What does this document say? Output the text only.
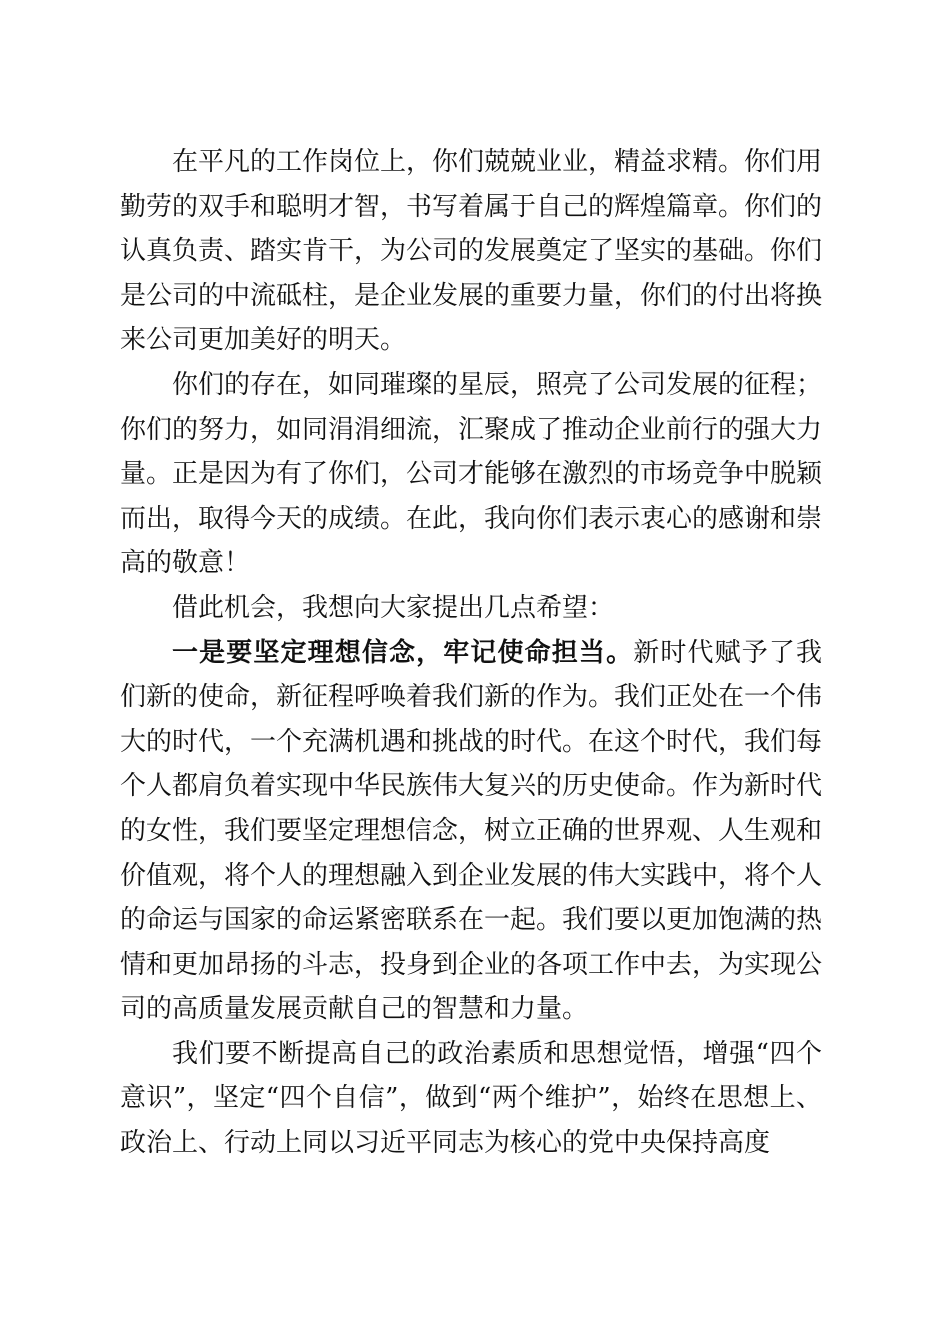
在平凡的工作岗位上，你们兢兢业业，精益求精。你们用勤劳的双手和聪明才智，书写着属于自己的辉煌篇章。你们的认真负责、踏实肯干，为公司的发展奠定了坚实的基础。你们是公司的中流砥柱，是企业发展的重要力量，你们的付出将换来公司更加美好的明天。

你们的存在，如同璀璨的星辰，照亮了公司发展的征程；你们的努力，如同涓涓细流，汇聚成了推动企业前行的强大力量。正是因为有了你们，公司才能够在激烈的市场竞争中脱颖而出，取得今天的成绩。在此，我向你们表示衷心的感谢和崇高的敬意！

借此机会，我想向大家提出几点希望：

一是要坚定理想信念，牢记使命担当。新时代赋予了我们新的使命，新征程呼唤着我们新的作为。我们正处在一个伟大的时代，一个充满机遇和挑战的时代。在这个时代，我们每个人都肩负着实现中华民族伟大复兴的历史使命。作为新时代的女性，我们要坚定理想信念，树立正确的世界观、人生观和价值观，将个人的理想融入到企业发展的伟大实践中，将个人的命运与国家的命运紧密联系在一起。我们要以更加饱满的热情和更加昂扬的斗志，投身到企业的各项工作中去，为实现公司的高质量发展贡献自己的智慧和力量。

我们要不断提高自己的政治素质和思想觉悟，增强“四个意识”，坚定“四个自信”，做到“两个维护”，始终在思想上、政治上、行动上同以习近平同志为核心的党中央保持高度
